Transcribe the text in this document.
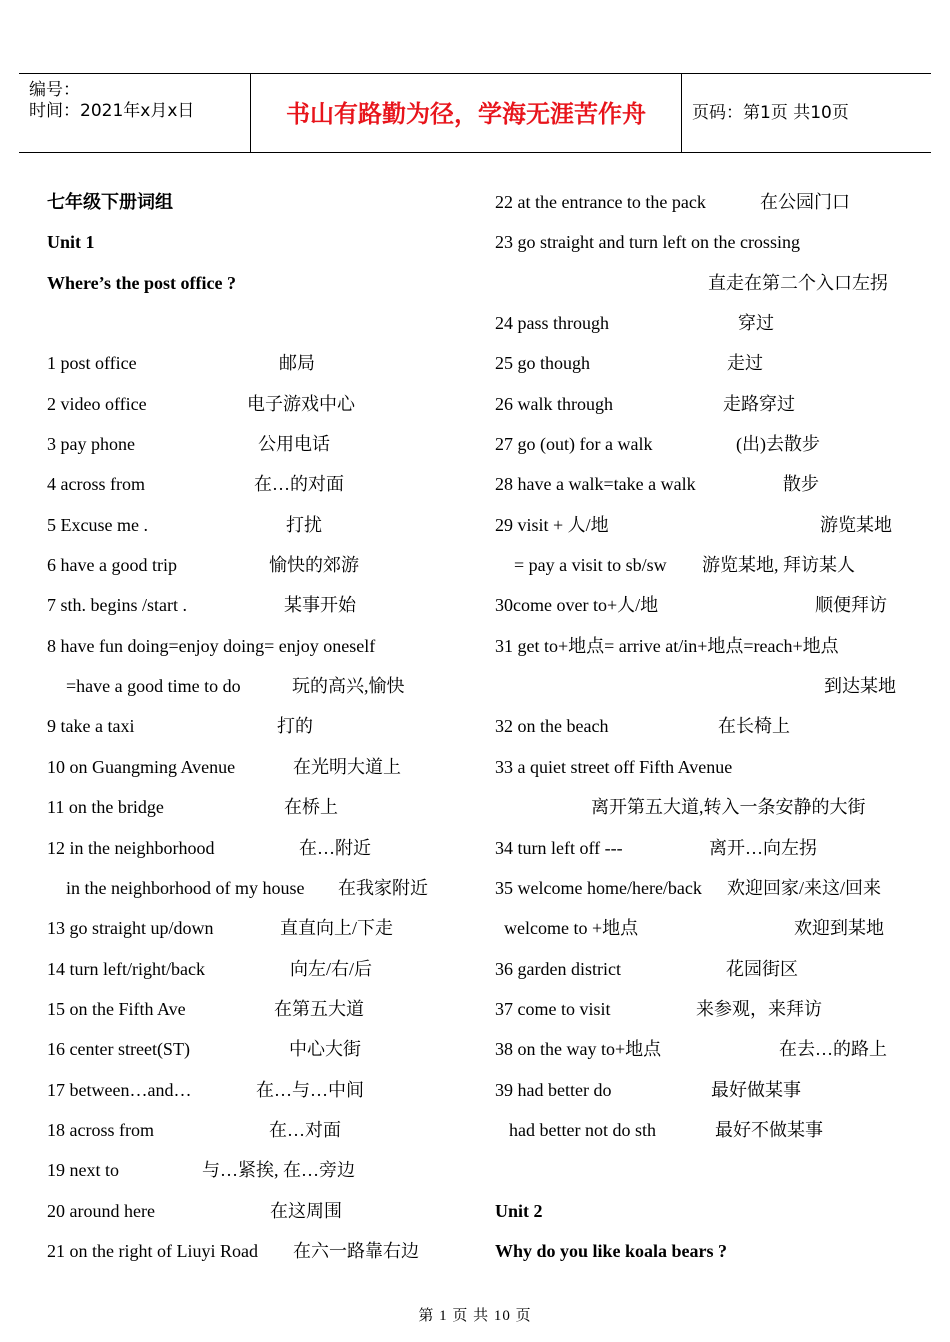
编号：
时间：2021年x月x日	书山有路勤为径，学海无涯苦作舟	页码：第1页 共10页
七年级下册词组
Unit 1
Where’s the post office ?
1 post office	邮局
2 video office	电子游戏中心
3 pay phone	公用电话
4 across from	在…的对面
5 Excuse me .	打扰
6 have a good trip	愉快的郊游
7 sth. begins /start .	某事开始
8 have fun doing=enjoy doing= enjoy oneself
=have a good time to do	玩的高兴,愉快
9 take a taxi	打的
10 on Guangming Avenue	在光明大道上
11 on the bridge	在桥上
12 in the neighborhood	在…附近
in the neighborhood of my house 在我家附近
13 go straight up/down	直直向上/下走
14 turn left/right/back	向左/右/后
15 on the Fifth Ave	在第五大道
16 center street(ST)	中心大街
17 between…and…	在…与…中间
18 across from	在…对面
19 next to	与…紧挨, 在…旁边
20 around here	在这周围
21 on the right of Liuyi Road 在六一路靠右边
22 at the entrance to the pack	在公园门口
23 go straight and turn left on the crossing
直走在第二个入口左拐
24 pass through	穿过
25 go though	走过
26 walk through	走路穿过
27 go (out) for a walk	(出)去散步
28 have a walk=take a walk	散步
29 visit + 人/地	游览某地
= pay a visit to sb/sw 游览某地, 拜访某人
30come over to+人/地	顺便拜访
31 get to+地点= arrive at/in+地点=reach+地点
到达某地
32 on the beach	在长椅上
33 a quiet street off Fifth Avenue
离开第五大道,转入一条安静的大街
34 turn left off ---	离开…向左拐
35 welcome home/here/back 欢迎回家/来这/回来
welcome to +地点	欢迎到某地
36 garden district	花园街区
37 come to visit	来参观，来拜访
38 on the way to+地点	在去…的路上
39 had better do	最好做某事
had better not do sth	最好不做某事
Unit 2
Why do you like koala bears ?
第 1 页 共 10 页
